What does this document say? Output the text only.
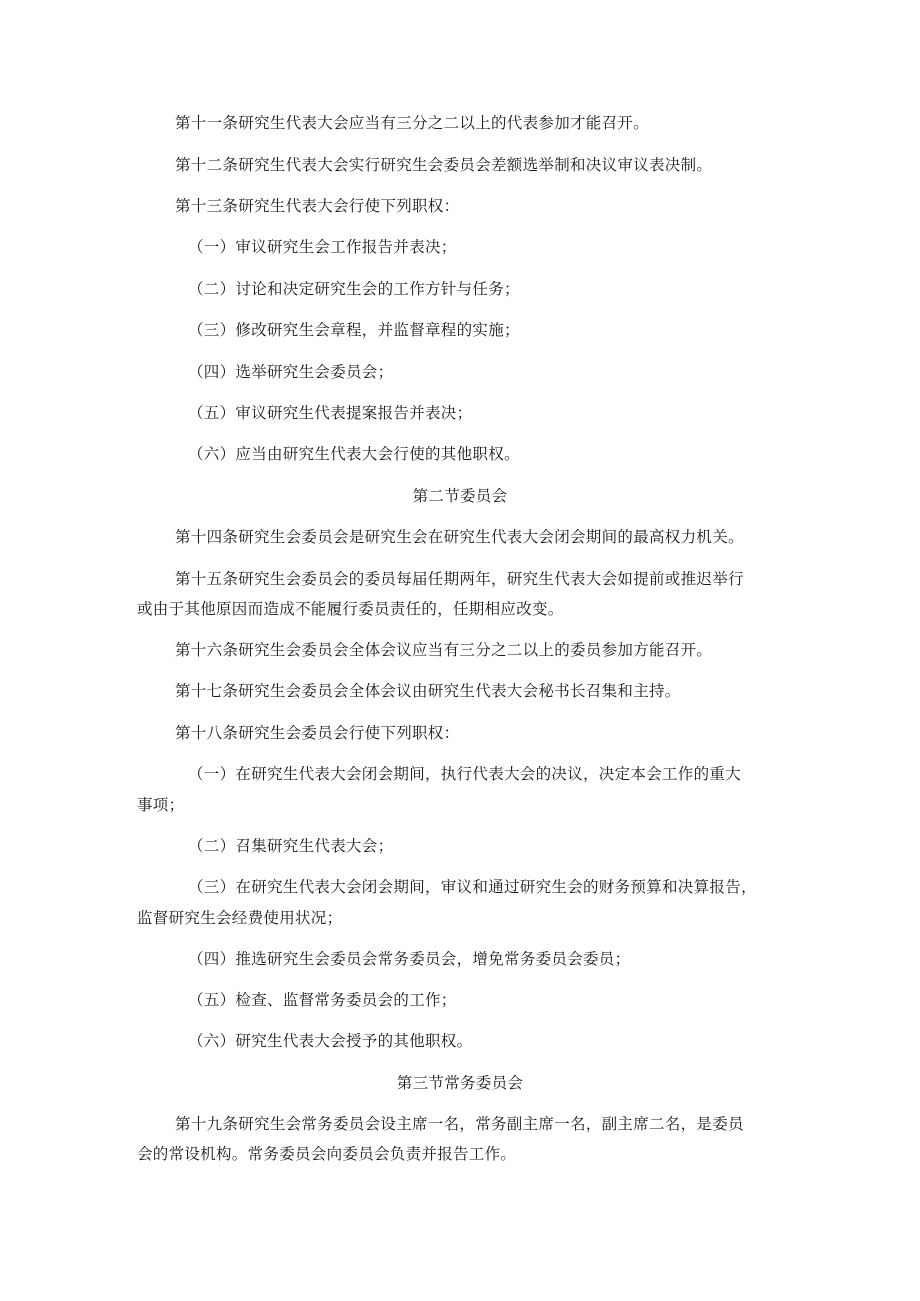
第十一条研究生代表大会应当有三分之二以上的代表参加才能召开。
第十二条研究生代表大会实行研究生会委员会差额选举制和决议审议表决制。
第十三条研究生代表大会行使下列职权：
（一）审议研究生会工作报告并表决；
（二）讨论和决定研究生会的工作方针与任务；
（三）修改研究生会章程，并监督章程的实施；
（四）选举研究生会委员会；
（五）审议研究生代表提案报告并表决；
（六）应当由研究生代表大会行使的其他职权。
第二节委员会
第十四条研究生会委员会是研究生会在研究生代表大会闭会期间的最高权力机关。
第十五条研究生会委员会的委员每届任期两年，研究生代表大会如提前或推迟举行
或由于其他原因而造成不能履行委员责任的，任期相应改变。
第十六条研究生会委员会全体会议应当有三分之二以上的委员参加方能召开。
第十七条研究生会委员会全体会议由研究生代表大会秘书长召集和主持。
第十八条研究生会委员会行使下列职权：
（一）在研究生代表大会闭会期间，执行代表大会的决议，决定本会工作的重大
事项；
（二）召集研究生代表大会；
（三）在研究生代表大会闭会期间，审议和通过研究生会的财务预算和决算报告，
监督研究生会经费使用状况；
（四）推选研究生会委员会常务委员会，增免常务委员会委员；
（五）检查、监督常务委员会的工作；
（六）研究生代表大会授予的其他职权。
第三节常务委员会
第十九条研究生会常务委员会设主席一名，常务副主席一名，副主席二名，是委员
会的常设机构。常务委员会向委员会负责并报告工作。
